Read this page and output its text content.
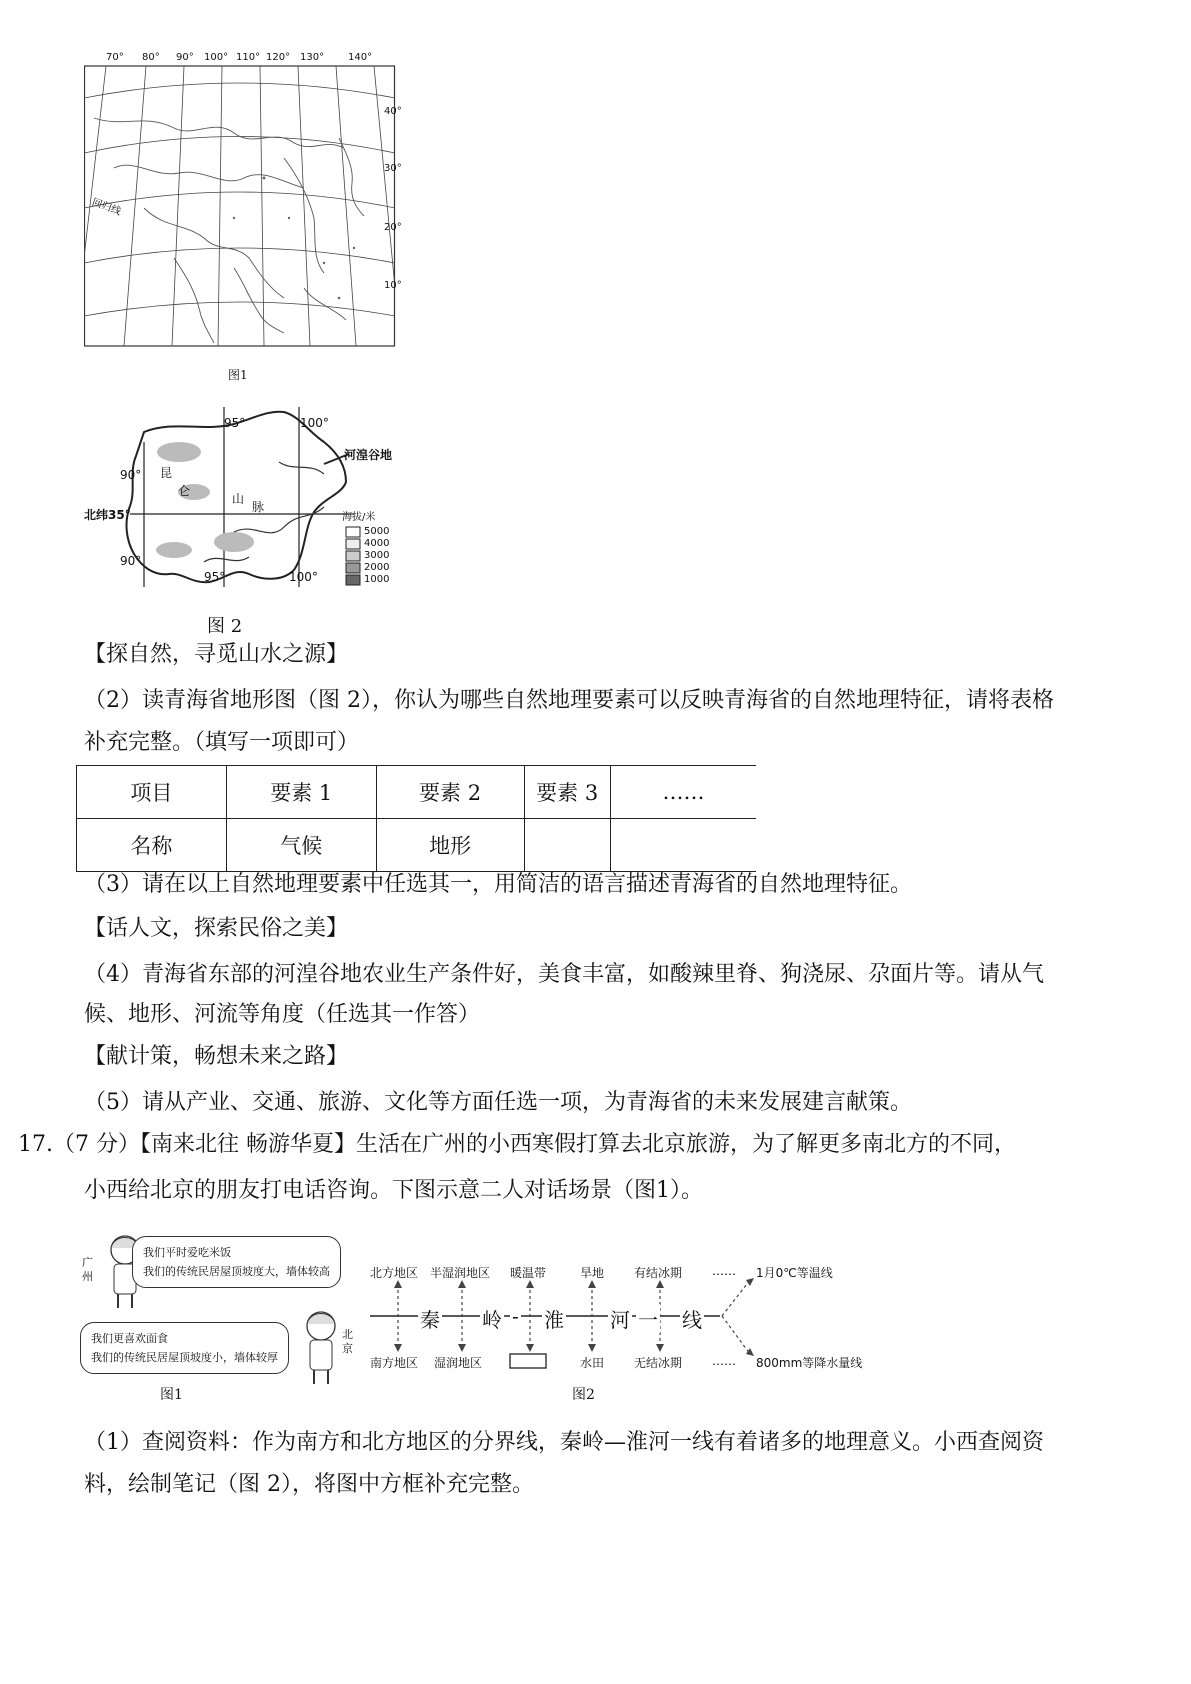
70° 80° 90° 100° 110° 120° 130° 140°
40°
30°
20°
10°
回归线
图1
95°	100°
90°
北纬35°
90°
95°	100°
河湟谷地
昆
仑
山
脉
海拔/米
5000
4000
3000
2000
1000
图 2
【探自然，寻觅山水之源】
（2）读青海省地形图（图 2），你认为哪些自然地理要素可以反映青海省的自然地理特征，请将表格
补充完整。（填写一项即可）
项目	要素 1	要素 2	要素 3	……
名称	气候	地形		
（3）请在以上自然地理要素中任选其一，用简洁的语言描述青海省的自然地理特征。
【话人文，探索民俗之美】
（4）青海省东部的河湟谷地农业生产条件好，美食丰富，如酸辣里脊、狗浇尿、尕面片等。请从气
候、地形、河流等角度（任选其一作答）
【献计策，畅想未来之路】
（5）请从产业、交通、旅游、文化等方面任选一项，为青海省的未来发展建言献策。
17.（7 分）【南来北往 畅游华夏】生活在广州的小西寒假打算去北京旅游，为了解更多南北方的不同，
小西给北京的朋友打电话咨询。下图示意二人对话场景（图1）。
广州
我们平时爱吃米饭
我们的传统民居屋顶坡度大，墙体较高
北京
我们更喜欢面食
我们的传统民居屋顶坡度小，墙体较厚
图1
北方地区 半湿润地区 暖温带	旱地 有结冰期 …… 1月0℃等温线
南方地区 湿润地区	水田 无结冰期 …… 800mm等降水量线
秦 岭 - 淮 河 一 线
图2
（1）查阅资料：作为南方和北方地区的分界线，秦岭—淮河一线有着诸多的地理意义。小西查阅资
料，绘制笔记（图 2），将图中方框补充完整。
